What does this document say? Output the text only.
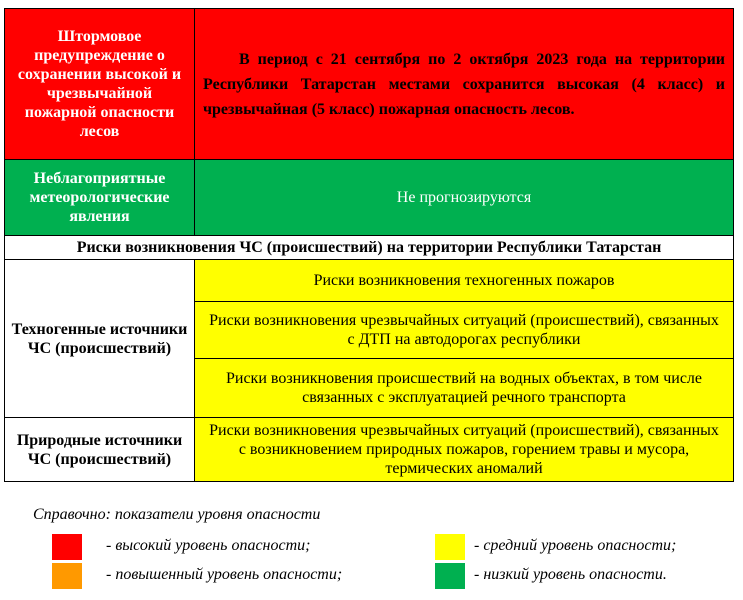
Штормовое предупреждение о сохранении высокой и чрезвычайной пожарной опасности лесов
В период с 21 сентября по 2 октября 2023 года на территории Республики Татарстан местами сохранится высокая (4 класс) и чрезвычайная (5 класс) пожарная опасность лесов.
Неблагоприятные метеорологические явления
Не прогнозируются
Риски возникновения ЧС (происшествий) на территории Республики Татарстан
Техногенные источники ЧС (происшествий)
Риски возникновения техногенных пожаров
Риски возникновения чрезвычайных ситуаций (происшествий), связанных с ДТП на автодорогах республики
Риски возникновения происшествий на водных объектах, в том числе связанных с эксплуатацией речного транспорта
Природные источники ЧС (происшествий)
Риски возникновения чрезвычайных ситуаций (происшествий), связанных с возникновением природных пожаров, горением травы и мусора, термических аномалий
Справочно: показатели уровня опасности
- высокий уровень опасности;	- средний уровень опасности;
- повышенный уровень опасности;	- низкий уровень опасности.
